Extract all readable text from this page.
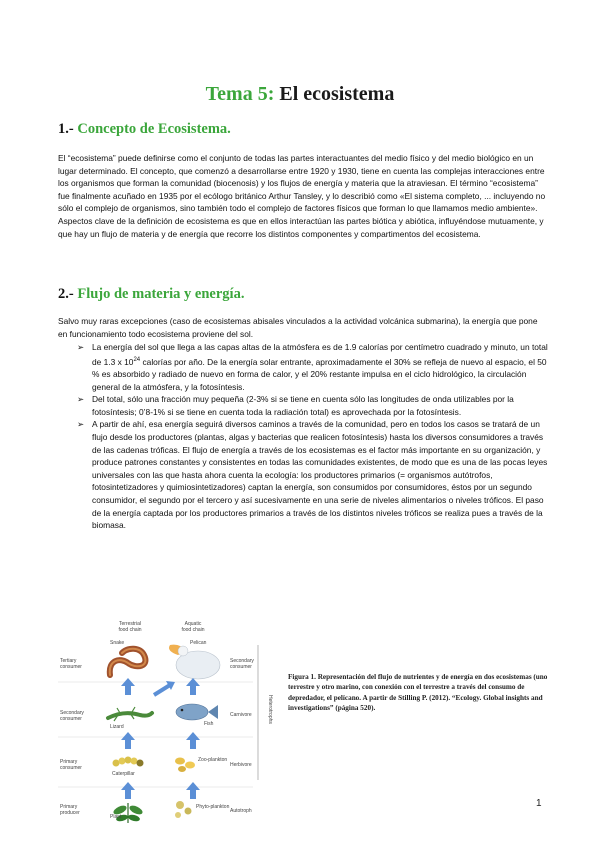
Tema 5: El ecosistema
1.- Concepto de Ecosistema.
El “ecosistema” puede definirse como el conjunto de todas las partes interactuantes del medio físico y del medio biológico en un lugar determinado. El concepto, que comenzó a desarrollarse entre 1920 y 1930, tiene en cuenta las complejas interacciones entre los organismos que forman la comunidad (biocenosis) y los flujos de energía y materia que la atraviesan. El término “ecosistema” fue finalmente acuñado en 1935 por el ecólogo británico Arthur Tansley, y lo describió como «El sistema completo, ... incluyendo no sólo el complejo de organismos, sino también todo el complejo de factores físicos que forman lo que llamamos medio ambiente». Aspectos clave de la definición de ecosistema es que en ellos interactúan las partes biótica y abiótica, influyéndose mutuamente, y que hay un flujo de materia y de energía que recorre los distintos componentes y compartimentos del ecosistema.
2.- Flujo de materia y energía.
Salvo muy raras excepciones (caso de ecosistemas abisales vinculados a la actividad volcánica submarina), la energía que pone en funcionamiento todo ecosistema proviene del sol.
➢ La energía del sol que llega a las capas altas de la atmósfera es de 1.9 calorías por centímetro cuadrado y minuto, un total de 1.3 x $10^{24}$ calorías por año. De la energía solar entrante, aproximadamente el 30% se refleja de nuevo al espacio, el 50 % es absorbido y radiado de nuevo en forma de calor, y el 20% restante impulsa en el ciclo hidrológico, la circulación general de la atmósfera, y la fotosíntesis.
➢ Del total, sólo una fracción muy pequeña (2-3% si se tiene en cuenta sólo las longitudes de onda utilizables por la fotosíntesis; 0’8-1% si se tiene en cuenta toda la radiación total) es aprovechada por la fotosíntesis.
➢ A partir de ahí, esa energía seguirá diversos caminos a través de la comunidad, pero en todos los casos se tratará de un flujo desde los productores (plantas, algas y bacterias que realicen fotosíntesis) hasta los diversos consumidores a través de las cadenas tróficas. El flujo de energía a través de los ecosistemas es el factor más importante en su organización, y produce patrones constantes y consistentes en todas las comunidades existentes, de modo que es una de las pocas leyes universales con las que hasta ahora cuenta la ecología: los productores primarios (= organismos autótrofos, fotosintetizadores y quimiosintetizadores) captan la energía, son consumidos por consumidores, éstos por un segundo consumidor, el segundo por el tercero y así sucesivamente en una serie de niveles alimentarios o niveles tróficos. El paso de la energía captada por los productores primarios a través de los distintos niveles tróficos se realiza pues a través de la biomasa.
Terrestrial
food chain
Aquatic
food chain
Tertiary
consumer
Secondary
consumer
Primary
consumer
Primary
producer
Secondary
consumer
Carnivore
Herbivore
Autotroph
Heterotrophs
Snake	Pelican
Lizard	Fish
Caterpillar
Zoo-plankton
Plant
Phyto-plankton
Figura 1. Representación del flujo de nutrientes y de energía en dos ecosistemas (uno terrestre y otro marino, con conexión con el terrestre a través del consumo de depredador, el pelícano. A partir de Stilling P. (2012). “Ecology. Global insights and investigations” (página 520).
1
